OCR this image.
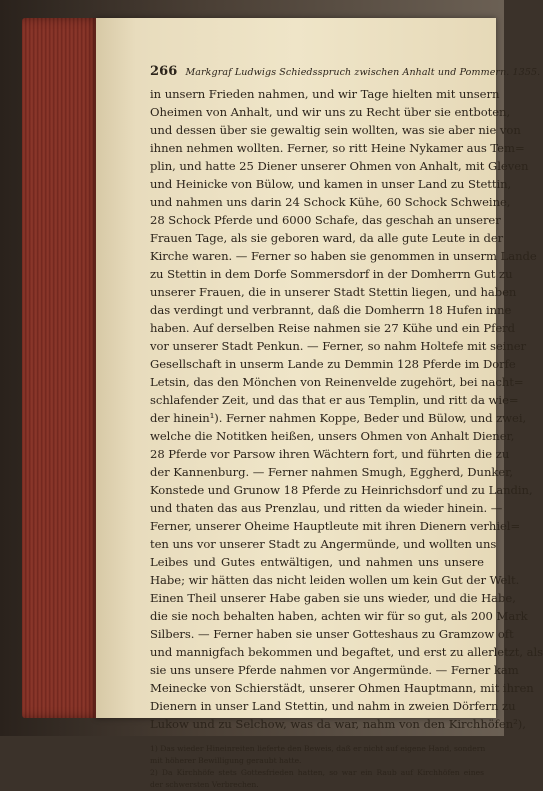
266 Markgraf Ludwigs Schiedsspruch zwischen Anhalt und Pommern. 1355.
in unsern Frieden nahmen, und wir Tage hielten mit unsern
Oheimen von Anhalt, und wir uns zu Recht über sie entboten,
und dessen über sie gewaltig sein wollten, was sie aber nie von
ihnen nehmen wollten. Ferner, so ritt Heine Nykamer aus Tem=
plin, und hatte 25 Diener unserer Ohmen von Anhalt, mit Gleven
und Heinicke von Bülow, und kamen in unser Land zu Stettin,
und nahmen uns darin 24 Schock Kühe, 60 Schock Schweine,
28 Schock Pferde und 6000 Schafe, das geschah an unserer
Frauen Tage, als sie geboren ward, da alle gute Leute in der
Kirche waren. — Ferner so haben sie genommen in unserm Lande
zu Stettin in dem Dorfe Sommersdorf in der Domherrn Gut zu
unserer Frauen, die in unserer Stadt Stettin liegen, und haben
das verdingt und verbrannt, daß die Domherrn 18 Hufen inne
haben. Auf derselben Reise nahmen sie 27 Kühe und ein Pferd
vor unserer Stadt Penkun. — Ferner, so nahm Holtefe mit seiner
Gesellschaft in unserm Lande zu Demmin 128 Pferde im Dorfe
Letsin, das den Mönchen von Reinenvelde zugehört, bei nacht=
schlafender Zeit, und das that er aus Templin, und ritt da wie=
der hinein¹). Ferner nahmen Koppe, Beder und Bülow, und zwei,
welche die Notitken heißen, unsers Ohmen von Anhalt Diener,
28 Pferde vor Parsow ihren Wächtern fort, und führten die zu
der Kannenburg. — Ferner nahmen Smugh, Eggherd, Dunker,
Konstede und Grunow 18 Pferde zu Heinrichsdorf und zu Landin,
und thaten das aus Prenzlau, und ritten da wieder hinein. —
Ferner, unserer Oheime Hauptleute mit ihren Dienern verhiel=
ten uns vor unserer Stadt zu Angermünde, und wollten uns
Leibes und Gutes entwältigen, und nahmen uns unsere
Habe; wir hätten das nicht leiden wollen um kein Gut der Welt.
Einen Theil unserer Habe gaben sie uns wieder, und die Habe,
die sie noch behalten haben, achten wir für so gut, als 200 Mark
Silbers. — Ferner haben sie unser Gotteshaus zu Gramzow oft
und mannigfach bekommen und begaftet, und erst zu allerletzt, als
sie uns unsere Pferde nahmen vor Angermünde. — Ferner kam
Meinecke von Schierstädt, unserer Ohmen Hauptmann, mit ihren
Dienern in unser Land Stettin, und nahm in zweien Dörfern zu
Lukow und zu Selchow, was da war, nahm von den Kirchhöfen²),
1) Das wieder Hineinreiten lieferte den Beweis, daß er nicht auf eigene Hand, sondern
mit höherer Bewilligung geraubt hatte.
2) Da Kirchhöfe stets Gottesfrieden hatten, so war ein Raub auf Kirchhöfen eines
der schwersten Verbrechen.
